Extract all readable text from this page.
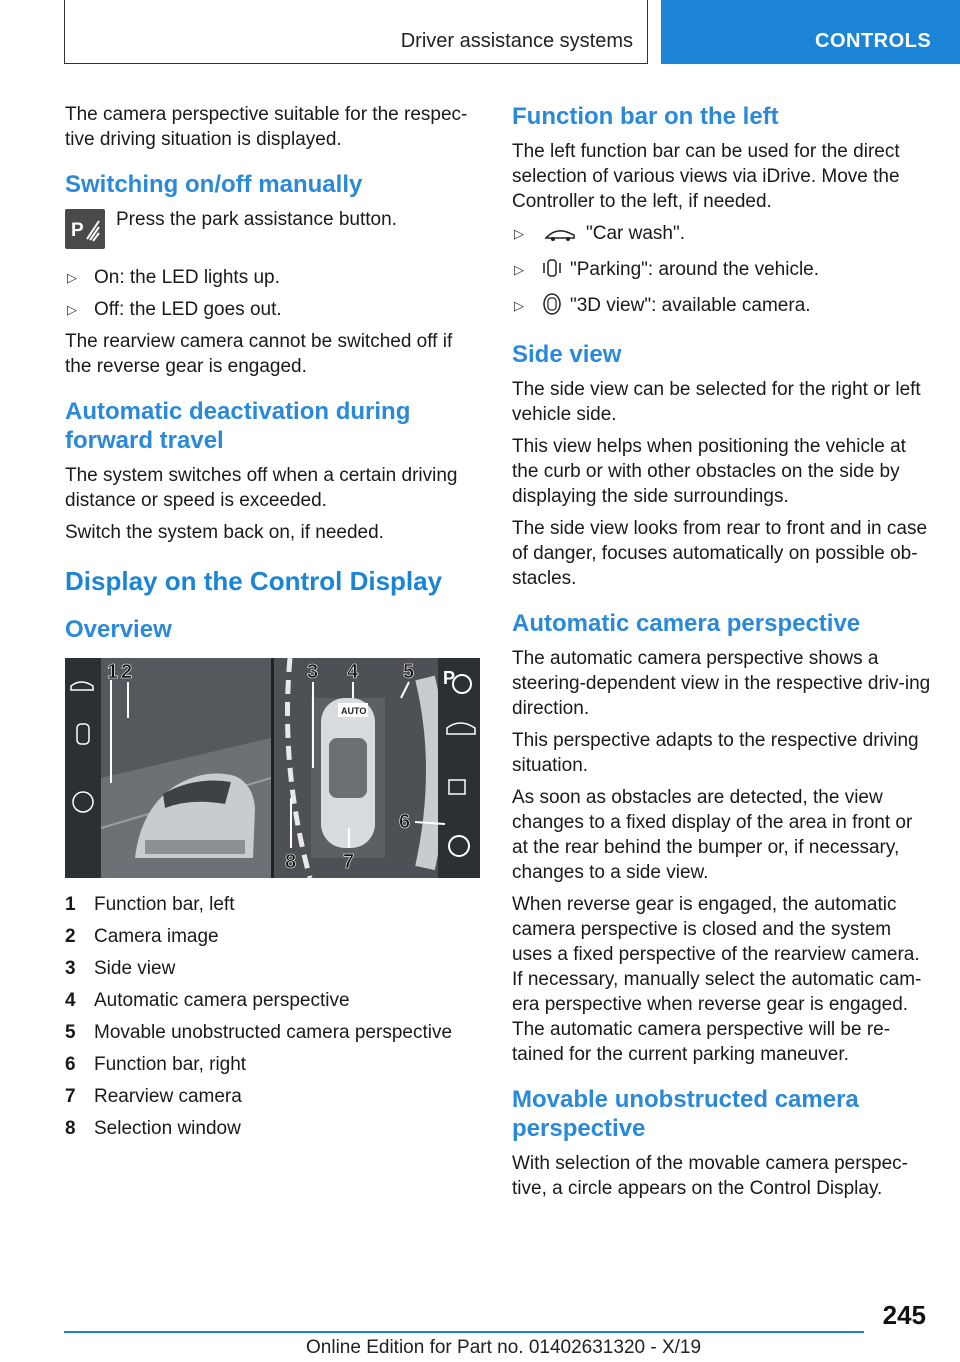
Driver assistance systems	CONTROLS

The camera perspective suitable for the respec-tive driving situation is displayed.

Switching on/off manually
P

Press the park assistance button.

▷ On: the LED lights up.
▷ Off: the LED goes out.

The rearview camera cannot be switched off if the reverse gear is engaged.

Automatic deactivation during forward travel

The system switches off when a certain driving distance or speed is exceeded.

Switch the system back on, if needed.

Display on the Control Display
Overview
AUTO
P
1 2	3 4 5
6
7
8
1 Function bar, left
2 Camera image
3 Side view
4 Automatic camera perspective
5 Movable unobstructed camera perspective
6 Function bar, right
7 Rearview camera
8 Selection window
Function bar on the left

The left function bar can be used for the direct selection of various views via iDrive. Move the Controller to the left, if needed.

▷	"Car wash".
▷ "Parking": around the vehicle.
▷ "3D view": available camera.
Side view

The side view can be selected for the right or left vehicle side.

This view helps when positioning the vehicle at the curb or with other obstacles on the side by displaying the side surroundings.

The side view looks from rear to front and in case of danger, focuses automatically on possible ob-stacles.

Automatic camera perspective

The automatic camera perspective shows a steering-dependent view in the respective driv-ing direction.

This perspective adapts to the respective driving situation.

As soon as obstacles are detected, the view changes to a fixed display of the area in front or at the rear behind the bumper or, if necessary, changes to a side view.

When reverse gear is engaged, the automatic camera perspective is closed and the system uses a fixed perspective of the rearview camera. If necessary, manually select the automatic cam-era perspective when reverse gear is engaged. The automatic camera perspective will be re-tained for the current parking maneuver.

Movable unobstructed camera perspective

With selection of the movable camera perspec-tive, a circle appears on the Control Display.

245
Online Edition for Part no. 01402631320 - X/19
